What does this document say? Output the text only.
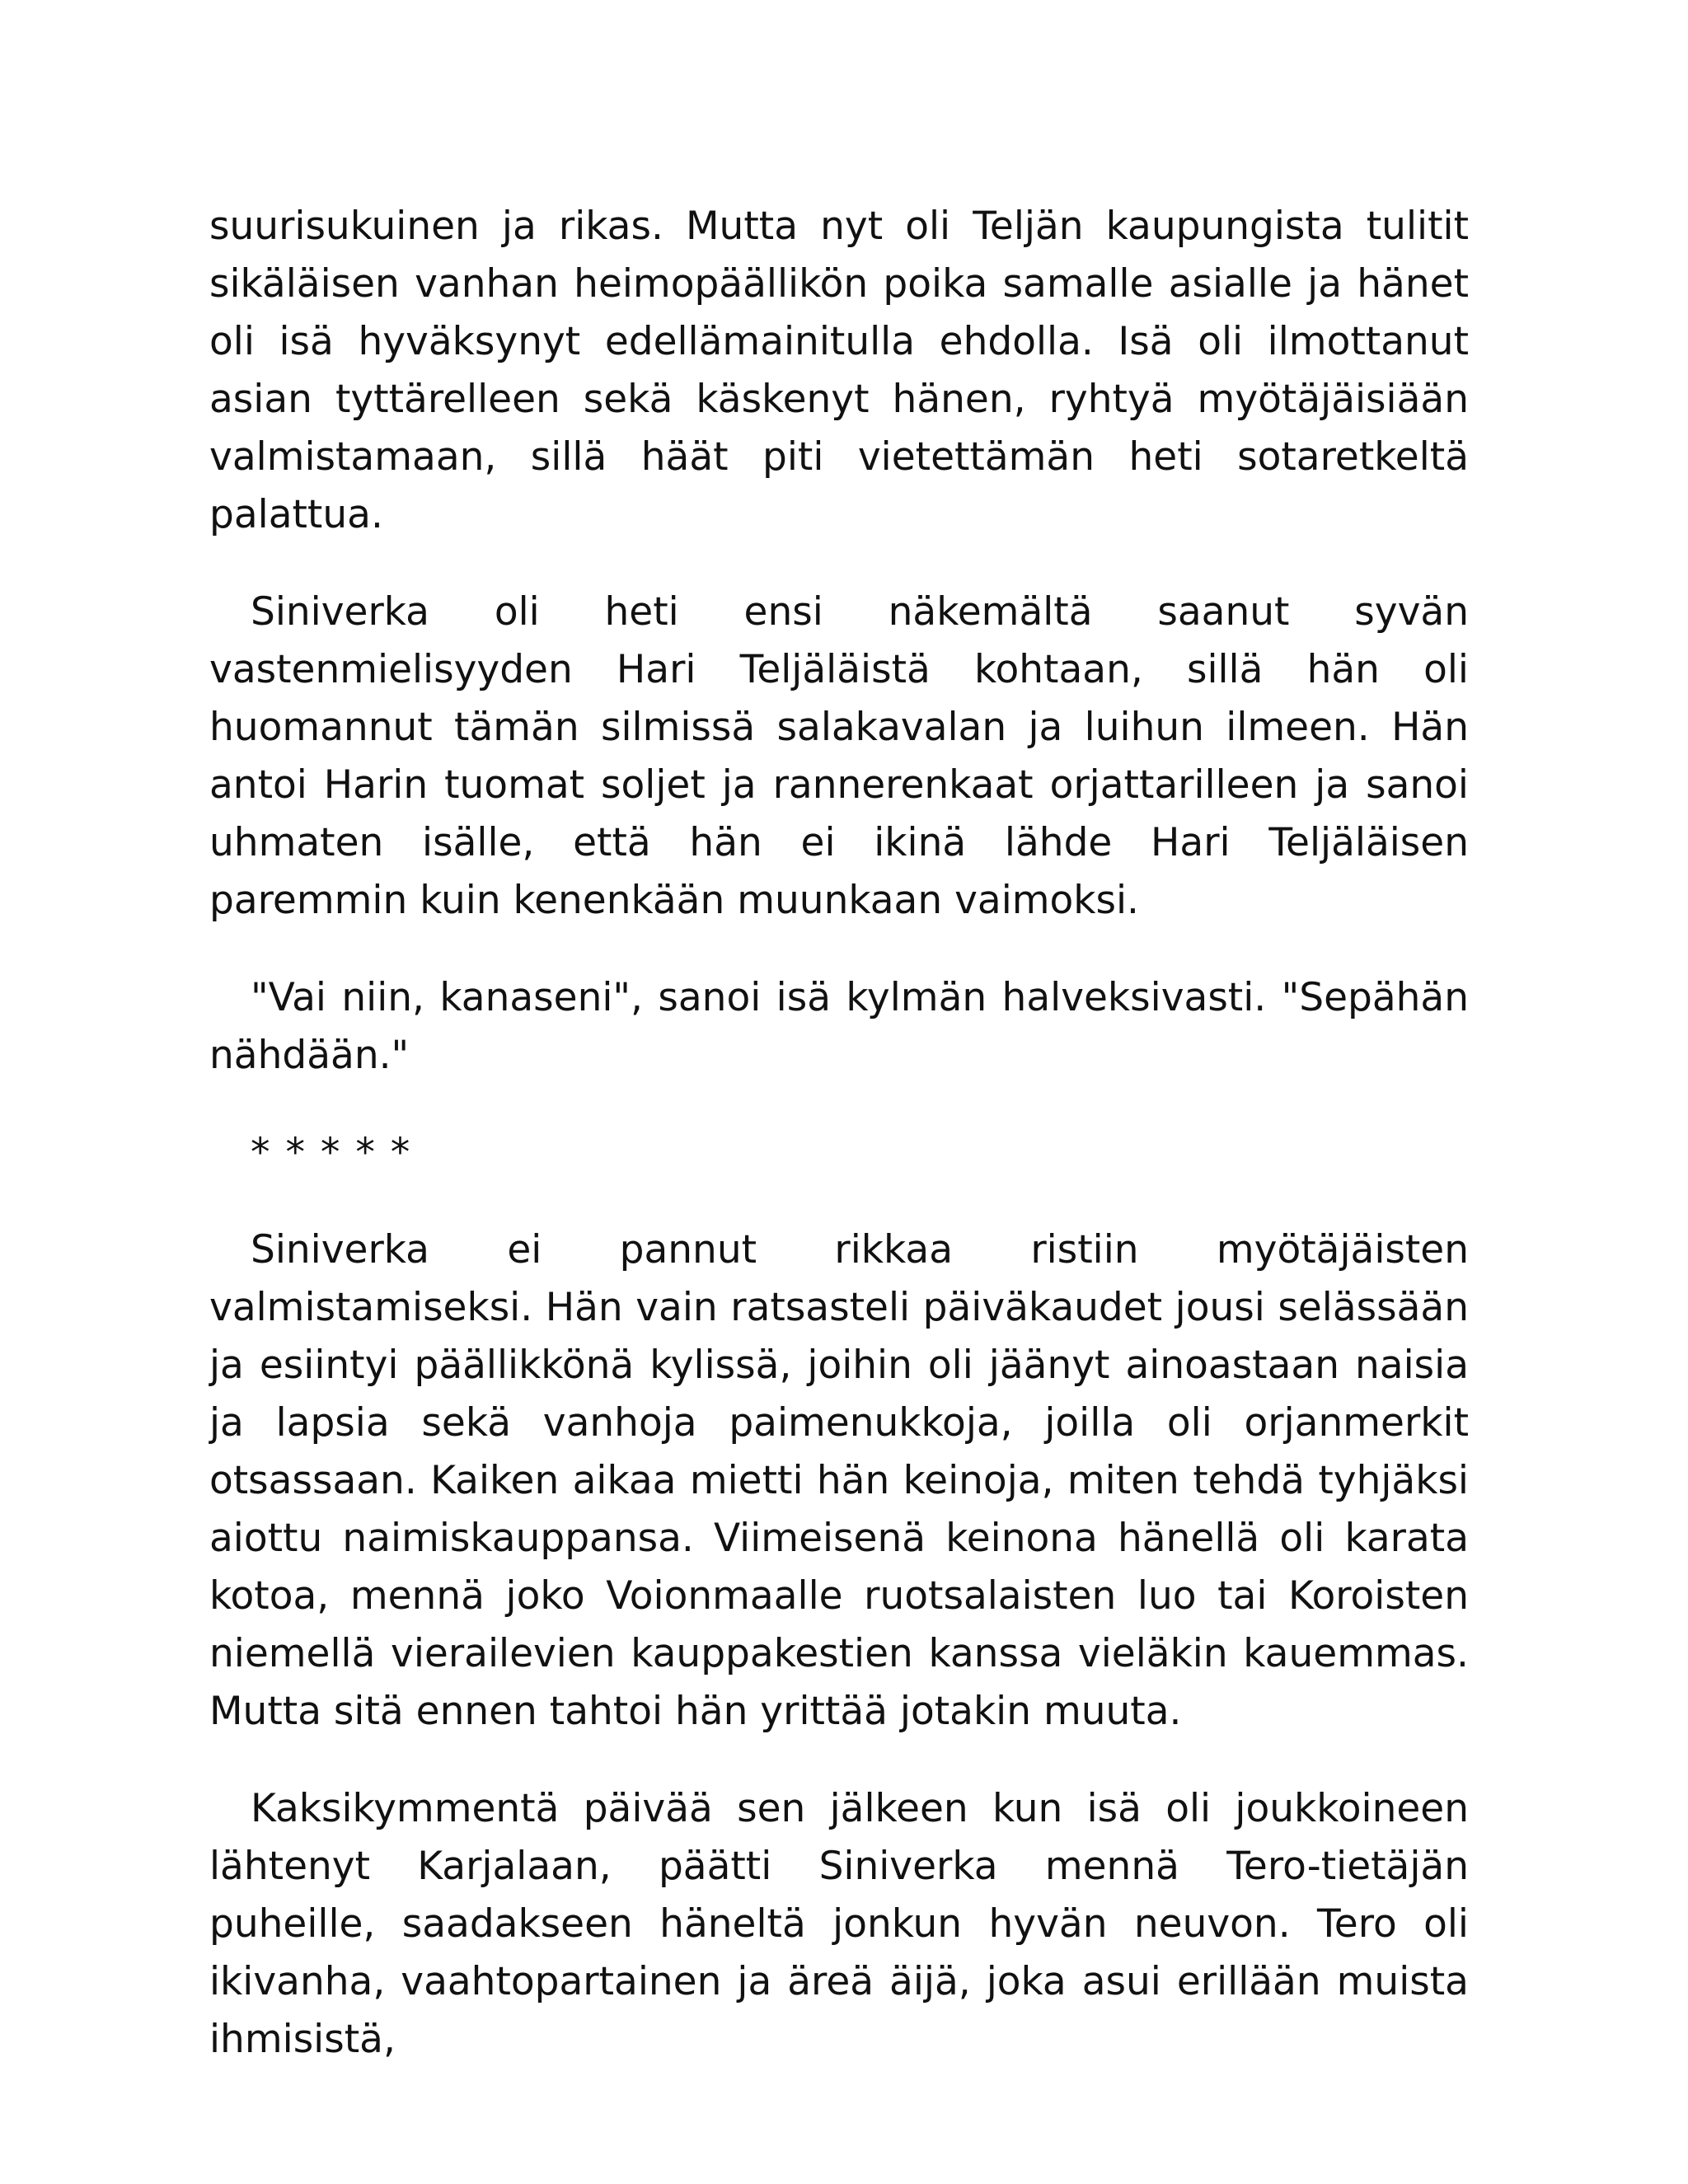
suurisukuinen ja rikas. Mutta nyt oli Teljän kaupungista tulitit sikäläisen vanhan heimopäällikön poika samalle asialle ja hänet oli isä hyväksynyt edellämainitulla ehdolla. Isä oli ilmottanut asian tyttärelleen sekä käskenyt hänen, ryhtyä myötäjäisiään valmistamaan, sillä häät piti vietettämän heti sotaretkeltä palattua.

Siniverka oli heti ensi näkemältä saanut syvän vastenmielisyyden Hari Teljäläistä kohtaan, sillä hän oli huomannut tämän silmissä salakavalan ja luihun ilmeen. Hän antoi Harin tuomat soljet ja rannerenkaat orjattarilleen ja sanoi uhmaten isälle, että hän ei ikinä lähde Hari Teljäläisen paremmin kuin kenenkään muunkaan vaimoksi.

"Vai niin, kanaseni", sanoi isä kylmän halveksivasti. "Sepähän nähdään."

* * * * *

Siniverka ei pannut rikkaa ristiin myötäjäisten valmistamiseksi. Hän vain ratsasteli päiväkaudet jousi selässään ja esiintyi päällikkönä kylissä, joihin oli jäänyt ainoastaan naisia ja lapsia sekä vanhoja paimenukkoja, joilla oli orjanmerkit otsassaan. Kaiken aikaa mietti hän keinoja, miten tehdä tyhjäksi aiottu naimiskauppansa. Viimeisenä keinona hänellä oli karata kotoa, mennä joko Voionmaalle ruotsalaisten luo tai Koroisten niemellä vierailevien kauppakestien kanssa vieläkin kauemmas. Mutta sitä ennen tahtoi hän yrittää jotakin muuta.

Kaksikymmentä päivää sen jälkeen kun isä oli joukkoineen lähtenyt Karjalaan, päätti Siniverka mennä Tero-tietäjän puheille, saadakseen häneltä jonkun hyvän neuvon. Tero oli ikivanha, vaahtopartainen ja äreä äijä, joka asui erillään muista ihmisistä,
